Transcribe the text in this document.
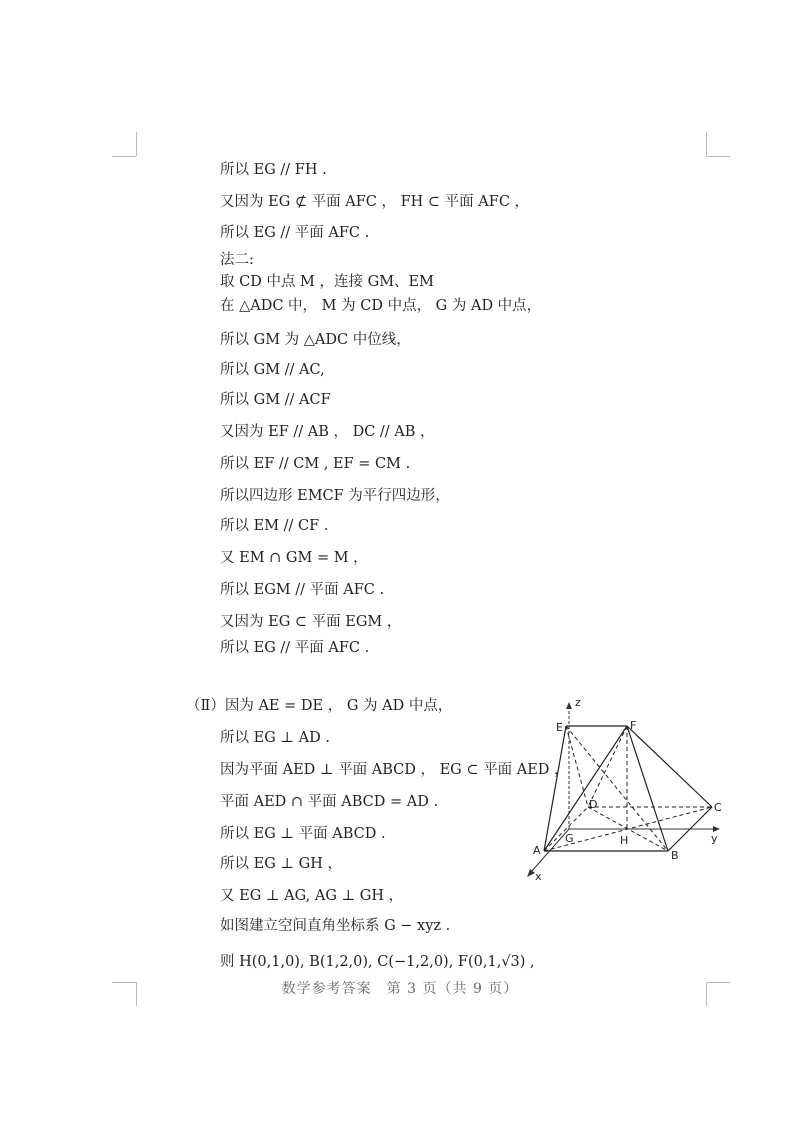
所以 EG // FH .
又因为 EG ⊄ 平面 AFC ， FH ⊂ 平面 AFC ，
所以 EG // 平面 AFC .
法二:
取 CD 中点 M ，连接 GM、EM
在 △ADC 中， M 为 CD 中点， G 为 AD 中点，
所以 GM 为 △ADC 中位线，
所以 GM // AC,
所以 GM // ACF
又因为 EF // AB ， DC // AB ，
所以 EF // CM , EF = CM .
所以四边形 EMCF 为平行四边形，
所以 EM // CF .
又 EM ∩ GM = M ，
所以 EGM // 平面 AFC .
又因为 EG ⊂ 平面 EGM ，
所以 EG // 平面 AFC .
（Ⅱ）因为 AE = DE ， G 为 AD 中点，
所以 EG ⊥ AD .
因为平面 AED ⊥ 平面 ABCD ， EG ⊂ 平面 AED ，
平面 AED ∩ 平面 ABCD = AD .
所以 EG ⊥ 平面 ABCD .
所以 EG ⊥ GH ，
又 EG ⊥ AG, AG ⊥ GH ，
如图建立空间直角坐标系 G − xyz .
则 H(0,1,0), B(1,2,0), C(−1,2,0), F(0,1,√3) ,
z
E	F
D	C
G	H
A	B
y
x
数学参考答案　第 3 页（共 9 页）
